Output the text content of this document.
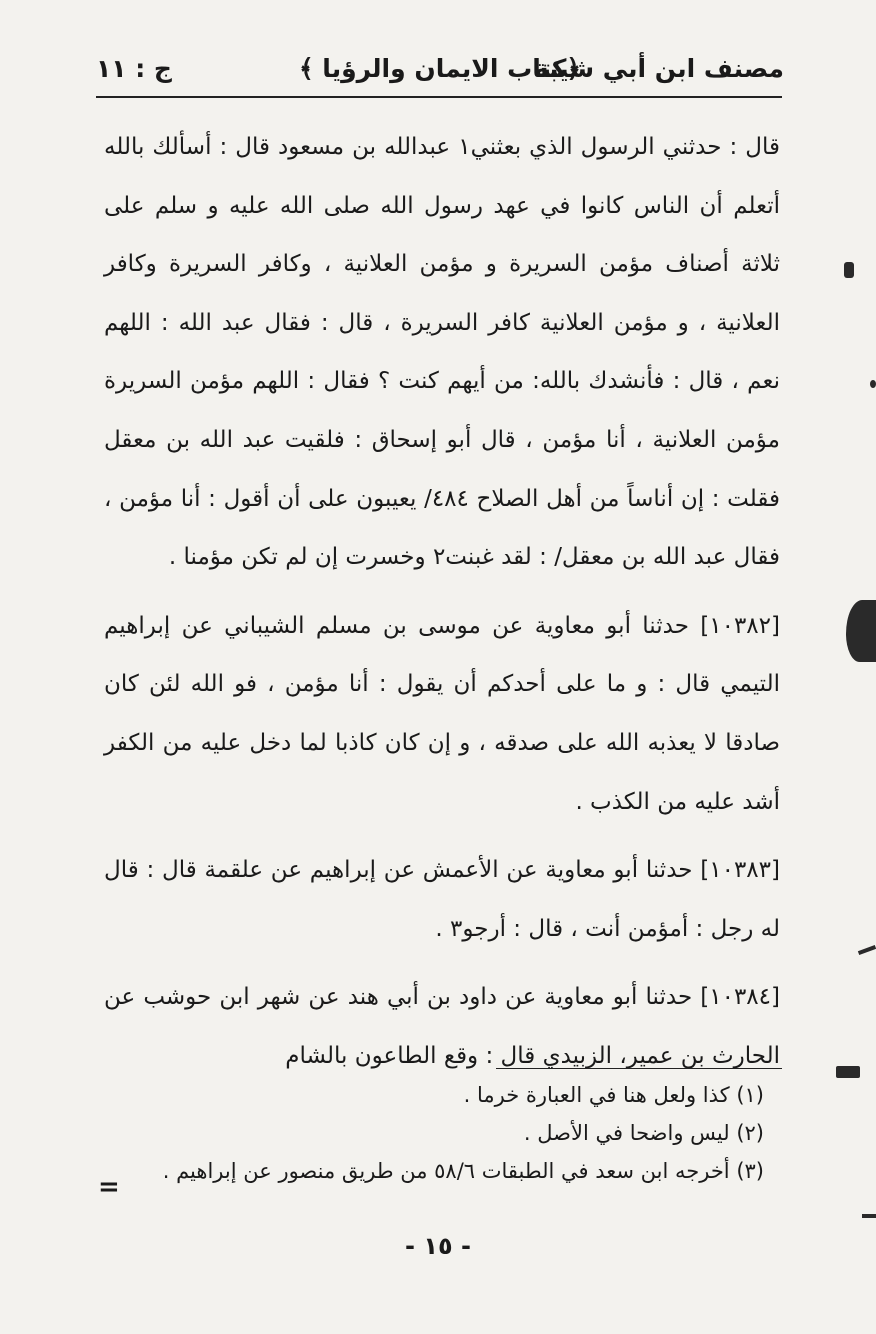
مصنف ابن أبي شيبة
﴿كتاب الايمان والرؤيا ﴾
ج : ١١

قال : حدثني الرسول الذي بعثني١ عبدالله بن مسعود قال : أسألك بالله أتعلم أن الناس كانوا في عهد رسول الله صلى الله عليه و سلم على ثلاثة أصناف مؤمن السريرة و مؤمن العلانية ، وكافر السريرة وكافر العلانية ، و مؤمن العلانية كافر السريرة ، قال : فقال عبد الله : اللهم نعم ، قال : فأنشدك بالله: من أيهم كنت ؟ فقال : اللهم مؤمن السريرة مؤمن العلانية ، أنا مؤمن ، قال أبو إسحاق : فلقيت عبد الله بن معقل فقلت : إن أناساً من أهل الصلاح ٤٨٤/ يعيبون على أن أقول : أنا مؤمن ، فقال عبد الله بن معقل/ : لقد غبنت٢ وخسرت إن لم تكن مؤمنا .

[١٠٣٨٢] حدثنا أبو معاوية عن موسى بن مسلم الشيباني عن إبراهيم التيمي قال : و ما على أحدكم أن يقول : أنا مؤمن ، فو الله لئن كان صادقا لا يعذبه الله على صدقه ، و إن كان كاذبا لما دخل عليه من الكفر أشد عليه من الكذب .

[١٠٣٨٣] حدثنا أبو معاوية عن الأعمش عن إبراهيم عن علقمة قال : قال له رجل : أمؤمن أنت ، قال : أرجو٣ .

[١٠٣٨٤] حدثنا أبو معاوية عن داود بن أبي هند عن شهر ابن حوشب عن الحارث بن عمير، الزبيدي قال : وقع الطاعون بالشام

(١) كذا ولعل هنا في العبارة خرما .
(٢) ليس واضحا في الأصل .
(٣) أخرجه ابن سعد في الطبقات ٥٨/٦ من طريق منصور عن إبراهيم .
=
- ١٥ -
